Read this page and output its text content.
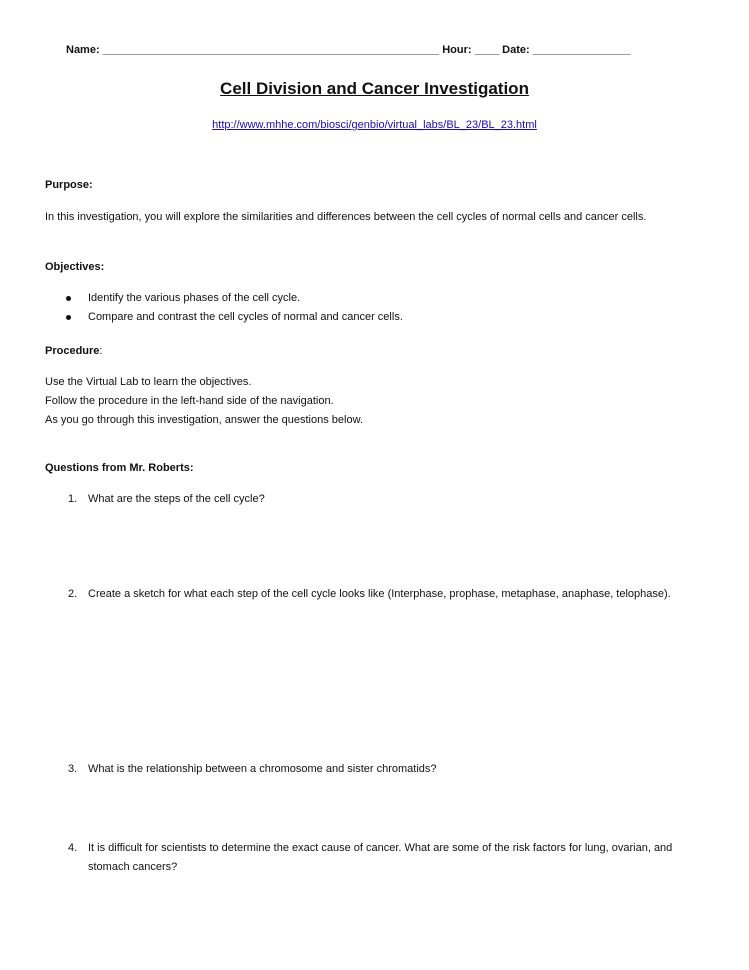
Name: _______________________________________________________ Hour: ____ Date: ________________
Cell Division and Cancer Investigation
http://www.mhhe.com/biosci/genbio/virtual_labs/BL_23/BL_23.html
Purpose:
In this investigation, you will explore the similarities and differences between the cell cycles of normal cells and cancer cells.
Objectives:
Identify the various phases of the cell cycle.
Compare and contrast the cell cycles of normal and cancer cells.
Procedure:
Use the Virtual Lab to learn the objectives.
Follow the procedure in the left-hand side of the navigation.
As you go through this investigation, answer the questions below.
Questions from Mr. Roberts:
1. What are the steps of the cell cycle?
2. Create a sketch for what each step of the cell cycle looks like (Interphase, prophase, metaphase, anaphase, telophase).
3. What is the relationship between a chromosome and sister chromatids?
4. It is difficult for scientists to determine the exact cause of cancer. What are some of the risk factors for lung, ovarian, and stomach cancers?
